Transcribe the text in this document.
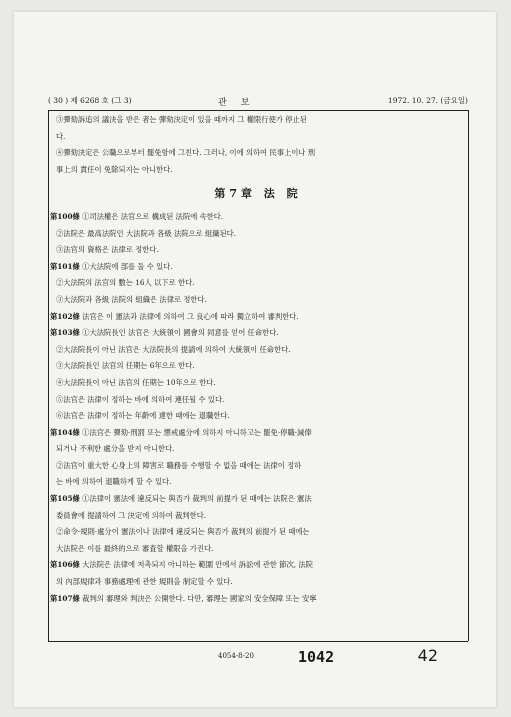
( 30 ) 제 6268 호 (그 3)	관보	1972. 10. 27. (금요일)

③彈劾訴追의 議決을 받은 者는 彈劾決定이 있을 때까지 그 權限行使가 停止된

다.

④彈劾決定은 公職으로부터 罷免함에 그친다. 그러나, 이에 의하여 民事上이나 刑

事上의 責任이 免除되지는 아니한다.

第7章 法 院

第100條 ①司法權은 法官으로 構成된 法院에 속한다.

②法院은 最高法院인 大法院과 各級 法院으로 組織된다.

③法官의 資格은 法律로 정한다.

第101條 ①大法院에 部를 둘 수 있다.

②大法院의 法官의 數는 16人 以下로 한다.

③大法院과 各級 法院의 組織은 法律로 정한다.

第102條 法官은 이 憲法과 法律에 의하여 그 良心에 따라 獨立하여 審判한다.

第103條 ①大法院長인 法官은 大統領이 國會의 同意를 얻어 任命한다.

②大法院長이 아닌 法官은 大法院長의 提請에 의하여 大統領이 任命한다.

③大法院長인 法官의 任期는 6年으로 한다.

④大法院長이 아닌 法官의 任期는 10年으로 한다.

⑤法官은 法律이 정하는 바에 의하여 連任될 수 있다.

⑥法官은 法律이 정하는 年齡에 達한 때에는 退職한다.

第104條 ①法官은 彈劾·刑罰 또는 懲戒處分에 의하지 아니하고는 罷免·停職·減俸

되거나 不利한 處分을 받지 아니한다.

②法官이 重大한 心身上의 障害로 職務를 수행할 수 없을 때에는 法律이 정하

는 바에 의하여 退職하게 할 수 있다.

第105條 ①法律이 憲法에 違反되는 與否가 裁判의 前提가 된 때에는 法院은 憲法

委員會에 提請하여 그 決定에 의하여 裁判한다.

②命令·規則·處分이 憲法이나 法律에 違反되는 與否가 裁判의 前提가 된 때에는

大法院은 이를 最終的으로 審査할 權限을 가진다.

第106條 大法院은 法律에 저촉되지 아니하는 範圍 안에서 訴訟에 관한 節次, 法院

의 內部規律과 事務處理에 관한 規則을 制定할 수 있다.

第107條 裁判의 審理와 判決은 公開한다. 다만, 審理는 國家의 安全保障 또는 安寧

4054-8-20	1042	42
